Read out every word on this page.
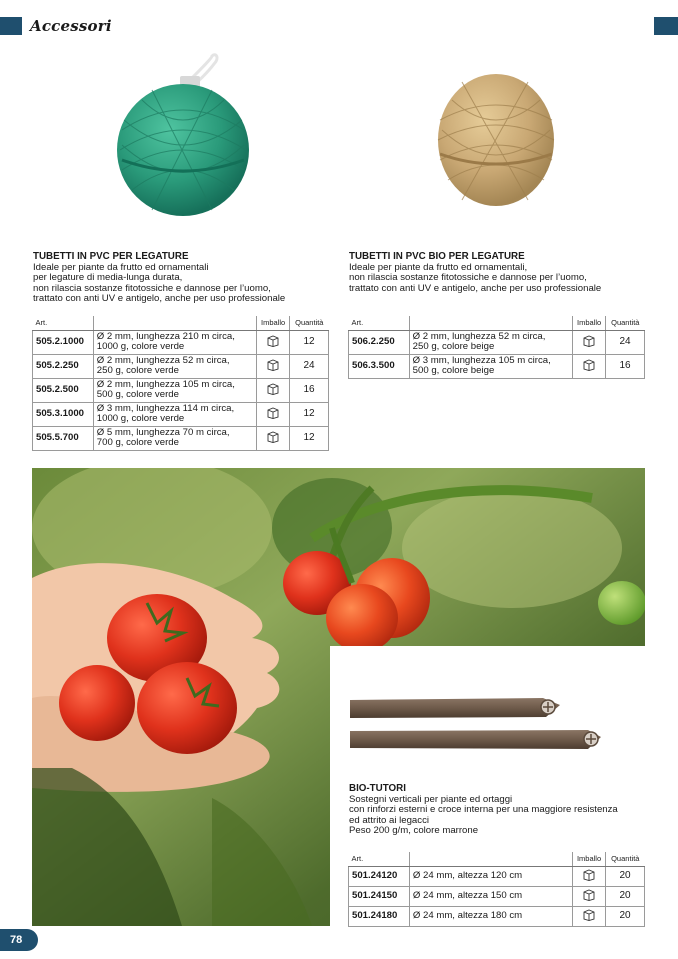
Accessori
TUBETTI IN PVC PER LEGATURE
Ideale per piante da frutto ed ornamentali
per legature di media-lunga durata,
non rilascia sostanze fitotossiche e dannose per l’uomo,
trattato con anti UV e antigelo, anche per uso professionale
TUBETTI IN PVC BIO PER LEGATURE
Ideale per piante da frutto ed ornamentali,
non rilascia sostanze fitotossiche e dannose per l’uomo,
trattato con anti UV e antigelo, anche per uso professionale
Art.		Imballo	Quantità
505.2.1000	Ø 2 mm, lunghezza 210 m circa,
1000 g, colore verde		12
505.2.250	Ø 2 mm, lunghezza 52 m circa,
250 g, colore verde		24
505.2.500	Ø 2 mm, lunghezza 105 m circa,
500 g, colore verde		16
505.3.1000	Ø 3 mm, lunghezza 114 m circa,
1000 g, colore verde		12
505.5.700	Ø 5 mm, lunghezza 70 m circa,
700 g, colore verde		12
Art.		Imballo	Quantità
506.2.250	Ø 2 mm, lunghezza 52 m circa,
250 g, colore beige		24
506.3.500	Ø 3 mm, lunghezza 105 m circa,
500 g, colore beige		16
BIO-TUTORI
Sostegni verticali per piante ed ortaggi
con rinforzi esterni e croce interna per una maggiore resistenza
ed attrito ai legacci
Peso 200 g/m, colore marrone
Art.		Imballo	Quantità
501.24120	Ø 24 mm, altezza 120 cm		20
501.24150	Ø 24 mm, altezza 150 cm		20
501.24180	Ø 24 mm, altezza 180 cm		20
78
